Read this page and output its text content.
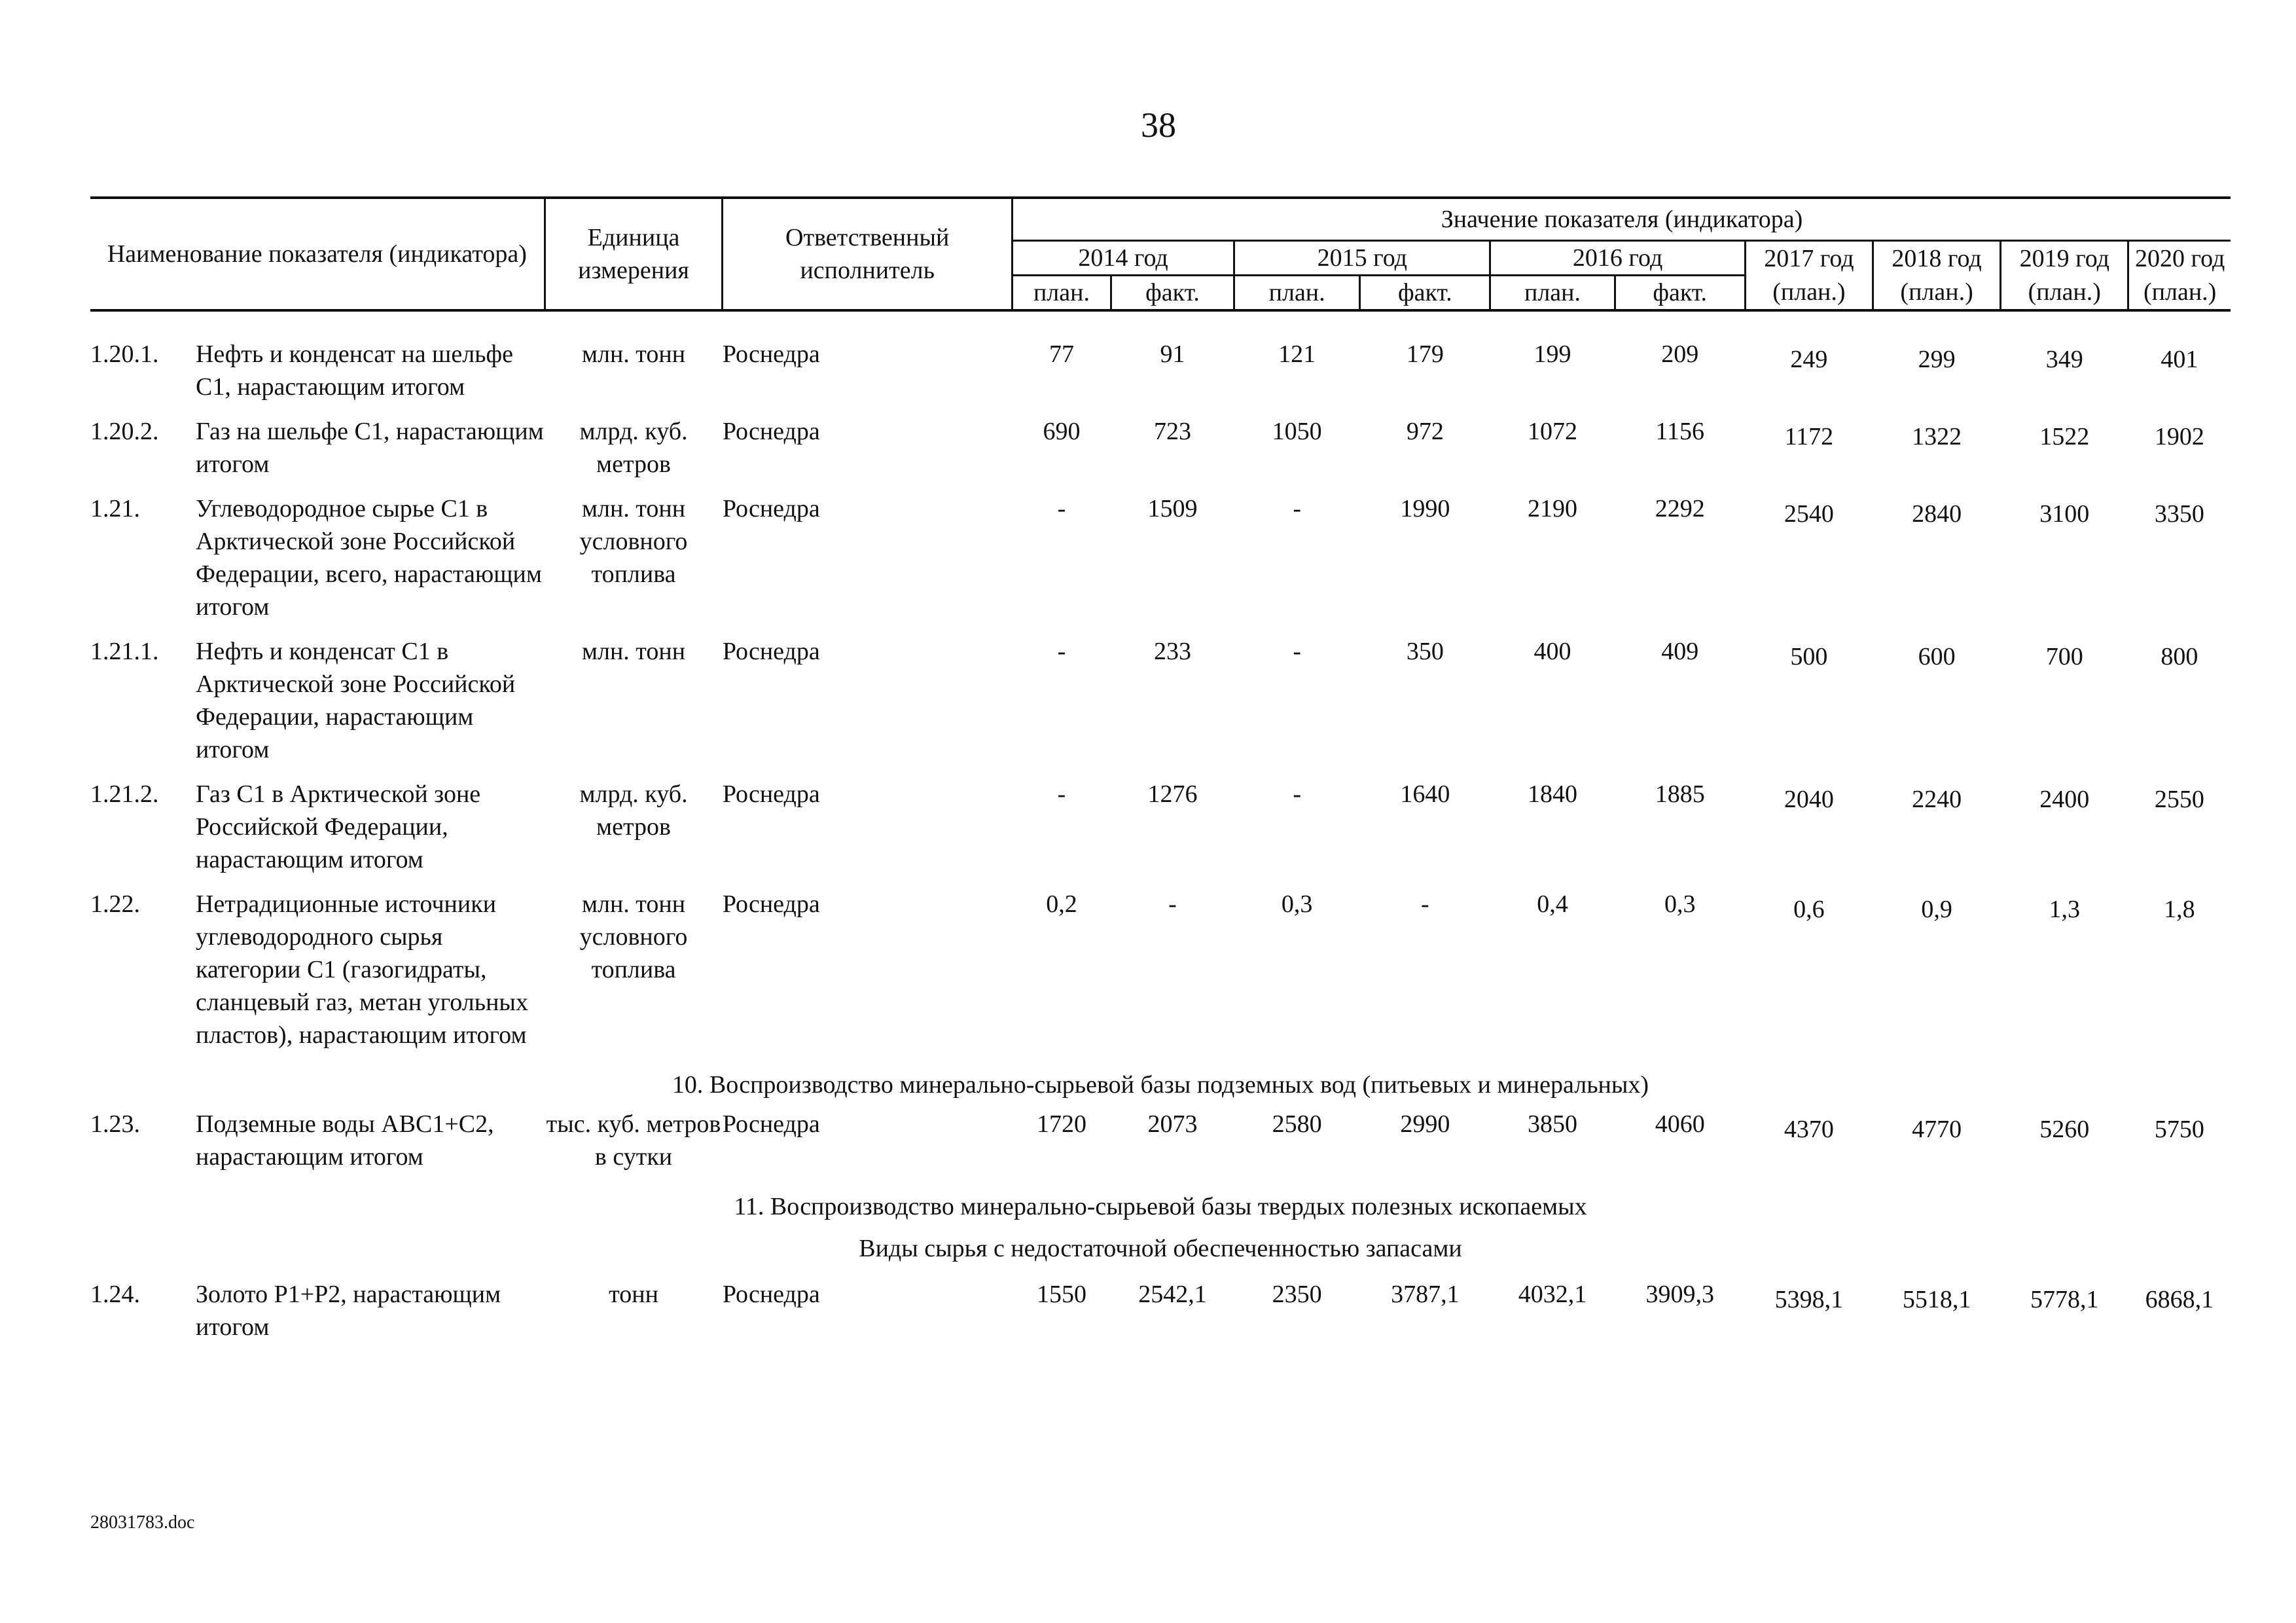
38
Наименование показателя (индикатора)		Единица измерения	Ответственный исполнитель	Значение показателя (индикатора)									
				2014 год		2015 год		2016 год		2017 год	2018 год	2019 год	2020 год
				план.	факт.	план.	факт.	план.	факт.	(план.)	(план.)	(план.)	(план.)

1.20.1.	Нефть и конденсат на шельфе С1, нарастающим итогом	млн. тонн	Роснедра	77	91	121	179	199	209	249	299	349	401
1.20.2.	Газ на шельфе С1, нарастающим итогом	млрд. куб. метров	Роснедра	690	723	1050	972	1072	1156	1172	1322	1522	1902
1.21.	Углеводородное сырье С1 в Арктической зоне Российской Федерации, всего, нарастающим итогом	млн. тонн условного топлива	Роснедра	-	1509	-	1990	2190	2292	2540	2840	3100	3350
1.21.1.	Нефть и конденсат С1 в Арктической зоне Российской Федерации, нарастающим итогом	млн. тонн	Роснедра	-	233	-	350	400	409	500	600	700	800
1.21.2.	Газ С1 в Арктической зоне Российской Федерации, нарастающим итогом	млрд. куб. метров	Роснедра	-	1276	-	1640	1840	1885	2040	2240	2400	2550
1.22.	Нетрадиционные источники углеводородного сырья категории С1 (газогидраты, сланцевый газ, метан угольных пластов), нарастающим итогом	млн. тонн условного топлива	Роснедра	0,2	-	0,3	-	0,4	0,3	0,6	0,9	1,3	1,8
10. Воспроизводство минерально-сырьевой базы подземных вод (питьевых и минеральных)													
1.23.	Подземные воды АВС1+С2, нарастающим итогом	тыс. куб. метров в сутки	Роснедра	1720	2073	2580	2990	3850	4060	4370	4770	5260	5750
11. Воспроизводство минерально-сырьевой базы твердых полезных ископаемых													
Виды сырья с недостаточной обеспеченностью запасами													
1.24.	Золото Р1+Р2, нарастающим итогом	тонн	Роснедра	1550	2542,1	2350	3787,1	4032,1	3909,3	5398,1	5518,1	5778,1	6868,1
28031783.doc
